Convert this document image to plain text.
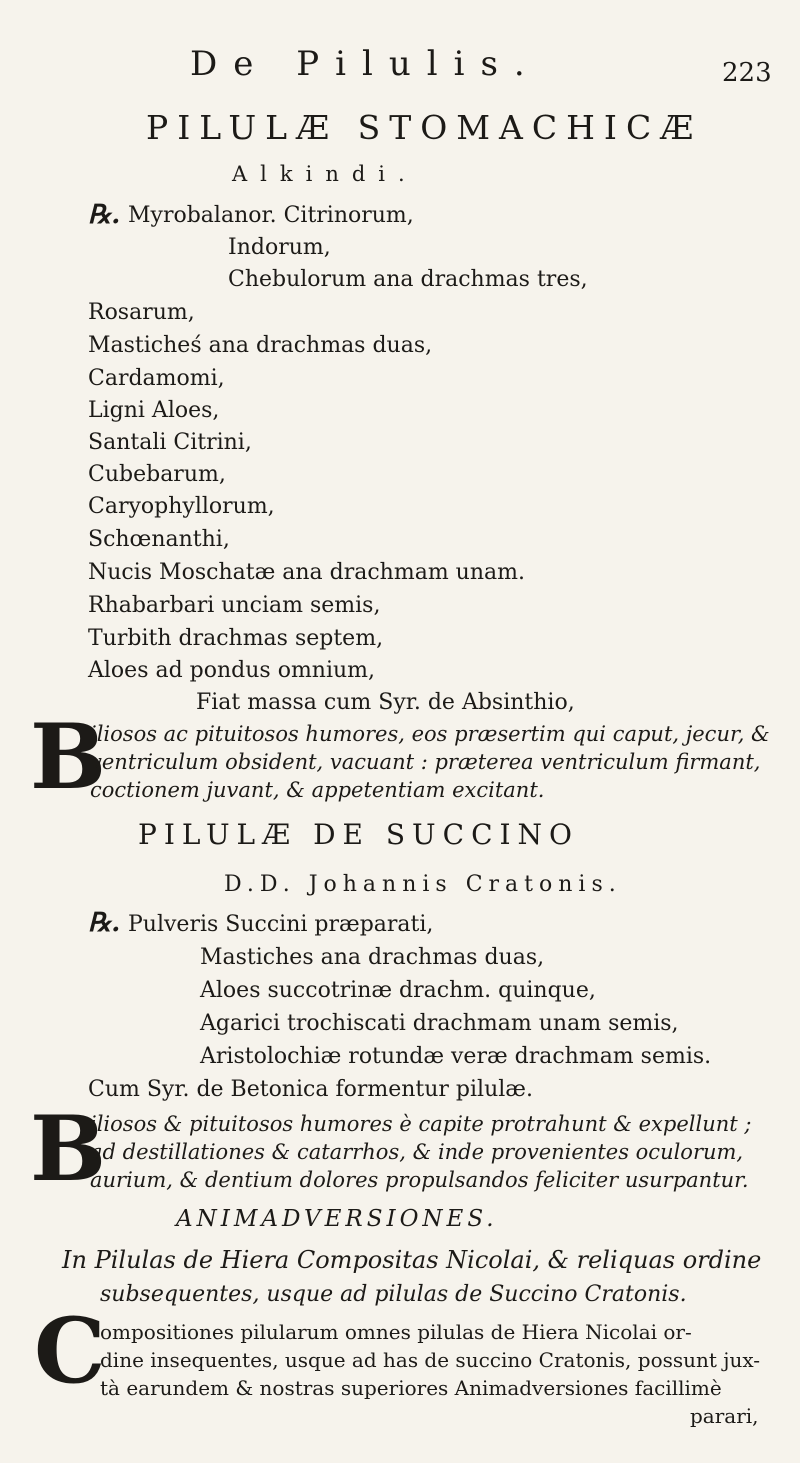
De Pilulis.	223
PILULÆ STOMACHICÆ
Alkindi.
℞. Myrobalanor. Citrinorum,
Indorum,
Chebulorum ana drachmas tres,
Rosarum,
Masticheś ana drachmas duas,
Cardamomi,
Ligni Aloes,
Santali Citrini,
Cubebarum,
Caryophyllorum,
Schœnanthi,
Nucis Moschatæ ana drachmam unam.
Rhabarbari unciam semis,
Turbith drachmas septem,
Aloes ad pondus omnium,
Fiat massa cum Syr. de Absinthio,
B
iliosos ac pituitosos humores, eos præsertim qui caput, jecur, &
ventriculum obsident, vacuant : præterea ventriculum firmant,
coctionem juvant, & appetentiam excitant.
PILULÆ DE SUCCINO
D.D. Johannis Cratonis.
℞. Pulveris Succini præparati,
Mastiches ana drachmas duas,
Aloes succotrinæ drachm. quinque,
Agarici trochiscati drachmam unam semis,
Aristolochiæ rotundæ veræ drachmam semis.
Cum Syr. de Betonica formentur pilulæ.
B
iliosos & pituitosos humores è capite protrahunt & expellunt ;
ad destillationes & catarrhos, & inde provenientes oculorum,
aurium, & dentium dolores propulsandos feliciter usurpantur.
ANIMADVERSIONES.
In Pilulas de Hiera Compositas Nicolai, & reliquas ordine
subsequentes, usque ad pilulas de Succino Cratonis.
C
ompositiones pilularum omnes pilulas de Hiera Nicolai or-
dine insequentes, usque ad has de succino Cratonis, possunt jux-
tà earundem & nostras superiores Animadversiones facillimè
parari,
